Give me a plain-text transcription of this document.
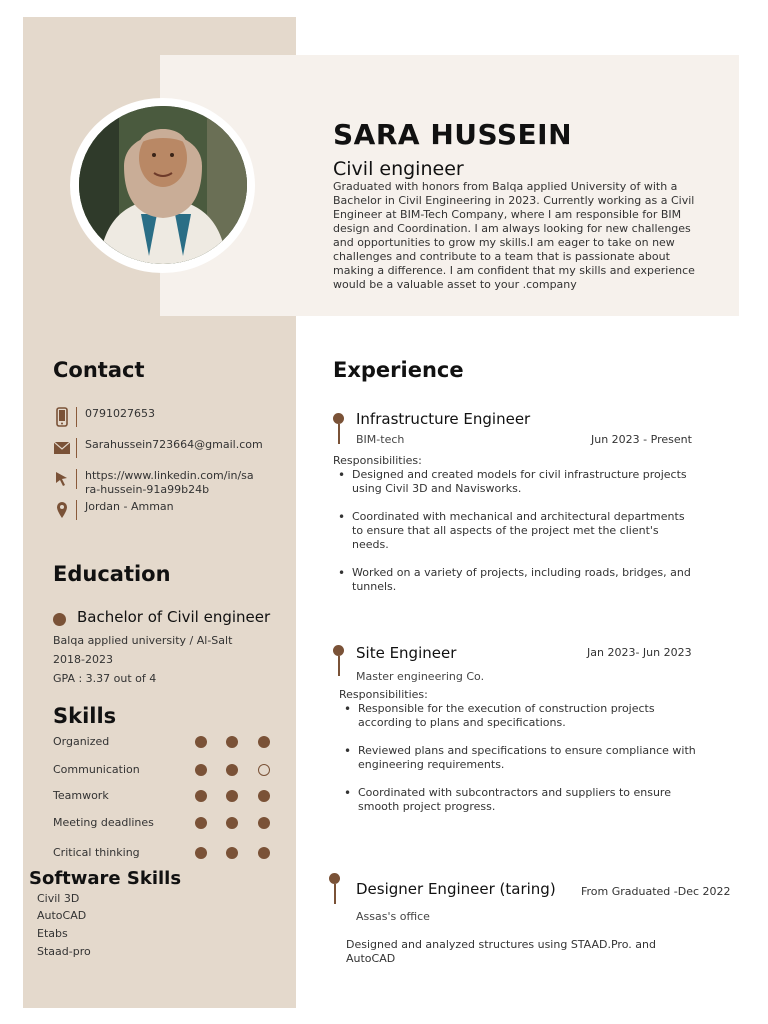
SARA HUSSEIN
Civil engineer
Graduated with honors from Balqa applied University of with a Bachelor in Civil Engineering in 2023. Currently working as a Civil Engineer at BIM-Tech Company, where I am responsible for BIM design and Coordination. I am always looking for new challenges and opportunities to grow my skills.I am eager to take on new challenges and contribute to a team that is passionate about making a difference. I am confident that my skills and experience would be a valuable asset to your .company
Contact
0791027653
Sarahussein723664@gmail.com
https://www.linkedin.com/in/sa
ra-hussein-91a99b24b
Jordan - Amman
Education
Bachelor of Civil engineer
Balqa applied university / Al-Salt
2018-2023
GPA : 3.37 out of 4
Skills
Organized
Communication
Teamwork
Meeting deadlines
Critical thinking
Software Skills
Civil 3D
AutoCAD
Etabs
Staad-pro
Experience
Infrastructure Engineer
BIM-tech	Jun 2023 - Present
Responsibilities:
• Designed and created models for civil infrastructure projects using Civil 3D and Navisworks.
• Coordinated with mechanical and architectural departments to ensure that all aspects of the project met the client's needs.
• Worked on a variety of projects, including roads, bridges, and tunnels.
Site Engineer
Master engineering Co.
Jan 2023- Jun 2023
Responsibilities:
• Responsible for the execution of construction projects according to plans and specifications.
• Reviewed plans and specifications to ensure compliance with engineering requirements.
• Coordinated with subcontractors and suppliers to ensure smooth project progress.
Designer Engineer (taring) From Graduated -Dec 2022
Assas's office
Designed and analyzed structures using STAAD.Pro. and AutoCAD
